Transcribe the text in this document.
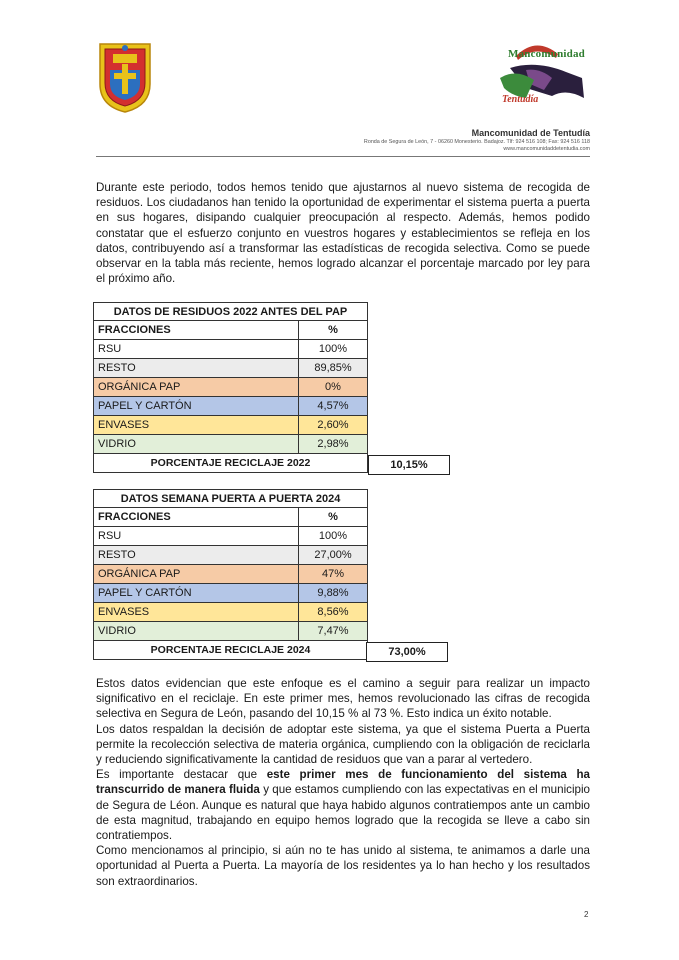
Mancomunidad
Tentudía
Mancomunidad de Tentudía
Ronda de Segura de León, 7 - 06260 Monesterio. Badajoz. Tlf: 924 516 108; Fax: 924 516 118
www.mancomunidaddetentudia.com

Durante este periodo, todos hemos tenido que ajustarnos al nuevo sistema de recogida de residuos. Los ciudadanos han tenido la oportunidad de experimentar el sistema puerta a puerta en sus hogares, disipando cualquier preocupación al respecto. Además, hemos podido constatar que el esfuerzo conjunto en vuestros hogares y establecimientos se refleja en los datos, contribuyendo así a transformar las estadísticas de recogida selectiva. Como se puede observar en la tabla más reciente, hemos logrado alcanzar el porcentaje marcado por ley para el próximo año.

DATOS DE RESIDUOS 2022 ANTES DEL PAP	
FRACCIONES	%
RSU	100%
RESTO	89,85%
ORGÁNICA PAP	0%
PAPEL Y CARTÓN	4,57%
ENVASES	2,60%
VIDRIO	2,98%
PORCENTAJE RECICLAJE 2022		10,15%
DATOS SEMANA PUERTA A PUERTA 2024	
FRACCIONES	%
RSU	100%
RESTO	27,00%
ORGÁNICA PAP	47%
PAPEL Y CARTÓN	9,88%
ENVASES	8,56%
VIDRIO	7,47%
PORCENTAJE RECICLAJE 2024		73,00%

Estos datos evidencian que este enfoque es el camino a seguir para realizar un impacto significativo en el reciclaje. En este primer mes, hemos revolucionado las cifras de recogida selectiva en Segura de León, pasando del 10,15 % al 73 %. Esto indica un éxito notable.

Los datos respaldan la decisión de adoptar este sistema, ya que el sistema Puerta a Puerta permite la recolección selectiva de materia orgánica, cumpliendo con la obligación de reciclarla y reduciendo significativamente la cantidad de residuos que van a parar al vertedero.

Es importante destacar que este primer mes de funcionamiento del sistema ha transcurrido de manera fluida y que estamos cumpliendo con las expectativas en el municipio de Segura de Léon. Aunque es natural que haya habido algunos contratiempos ante un cambio de esta magnitud, trabajando en equipo hemos logrado que la recogida se lleve a cabo sin contratiempos.

Como mencionamos al principio, si aún no te has unido al sistema, te animamos a darle una oportunidad al Puerta a Puerta. La mayoría de los residentes ya lo han hecho y los resultados son extraordinarios.

2
